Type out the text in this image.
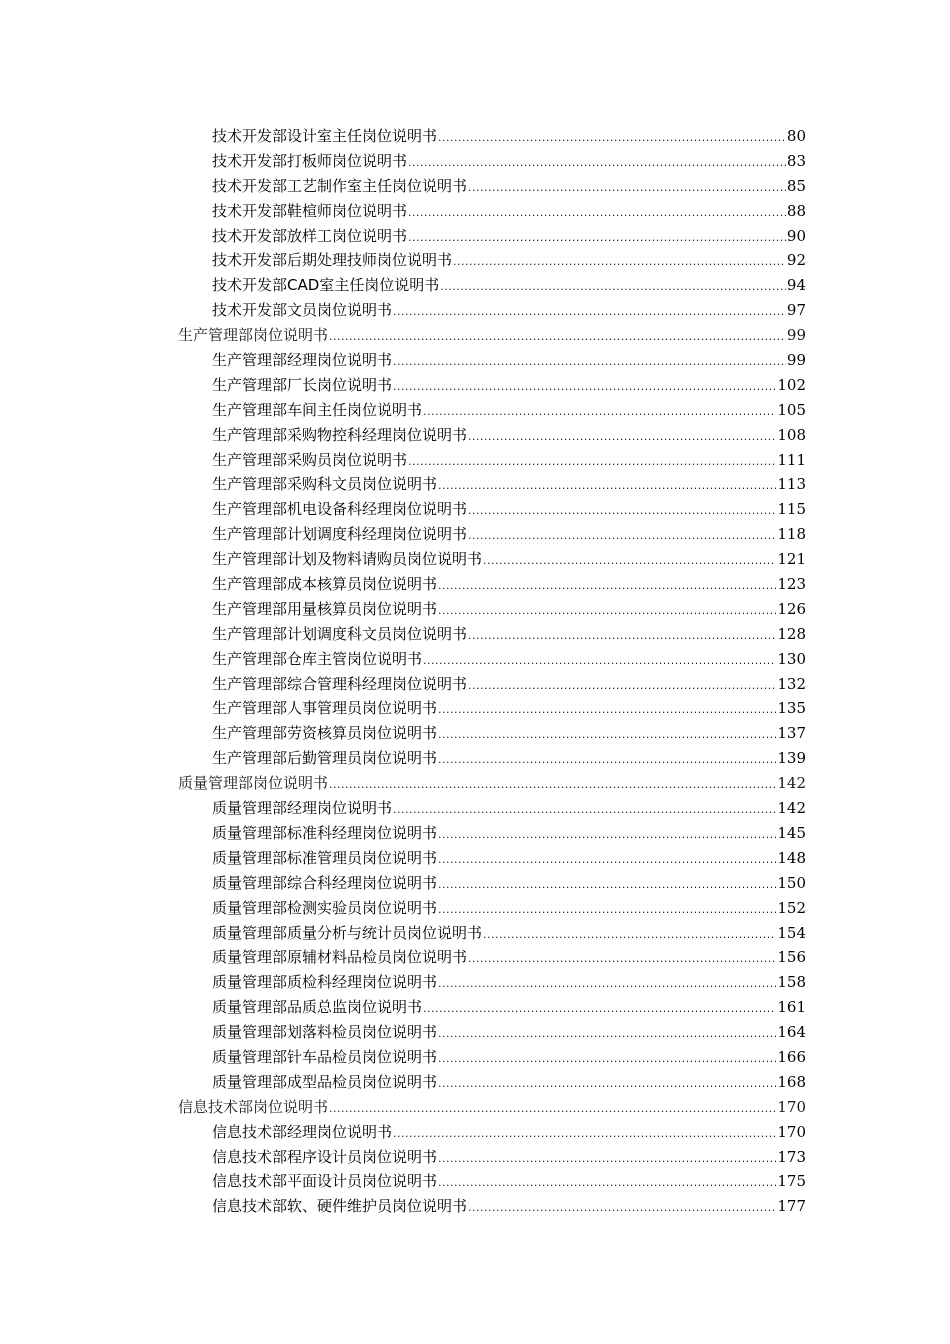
技术开发部设计室主任岗位说明书 .....	80
技术开发部打板师岗位说明书 .....	83
技术开发部工艺制作室主任岗位说明书 .....	85
技术开发部鞋楦师岗位说明书 .....	88
技术开发部放样工岗位说明书 .....	90
技术开发部后期处理技师岗位说明书 .....	92
技术开发部CAD室主任岗位说明书 .....	94
技术开发部文员岗位说明书 .....	97
生产管理部岗位说明书 .....	99
生产管理部经理岗位说明书 .....	99
生产管理部厂长岗位说明书 .....	102
生产管理部车间主任岗位说明书 .....	105
生产管理部采购物控科经理岗位说明书 .....	108
生产管理部采购员岗位说明书 .....	111
生产管理部采购科文员岗位说明书 .....	113
生产管理部机电设备科经理岗位说明书 .....	115
生产管理部计划调度科经理岗位说明书 .....	118
生产管理部计划及物料请购员岗位说明书 .....	121
生产管理部成本核算员岗位说明书 .....	123
生产管理部用量核算员岗位说明书 .....	126
生产管理部计划调度科文员岗位说明书 .....	128
生产管理部仓库主管岗位说明书 .....	130
生产管理部综合管理科经理岗位说明书 .....	132
生产管理部人事管理员岗位说明书 .....	135
生产管理部劳资核算员岗位说明书 .....	137
生产管理部后勤管理员岗位说明书 .....	139
质量管理部岗位说明书 .....	142
质量管理部经理岗位说明书 .....	142
质量管理部标准科经理岗位说明书 .....	145
质量管理部标准管理员岗位说明书 .....	148
质量管理部综合科经理岗位说明书 .....	150
质量管理部检测实验员岗位说明书 .....	152
质量管理部质量分析与统计员岗位说明书 .....	154
质量管理部原辅材料品检员岗位说明书 .....	156
质量管理部质检科经理岗位说明书 .....	158
质量管理部品质总监岗位说明书 .....	161
质量管理部划落料检员岗位说明书 .....	164
质量管理部针车品检员岗位说明书 .....	166
质量管理部成型品检员岗位说明书 .....	168
信息技术部岗位说明书 .....	170
信息技术部经理岗位说明书 .....	170
信息技术部程序设计员岗位说明书 .....	173
信息技术部平面设计员岗位说明书 .....	175
信息技术部软、硬件维护员岗位说明书 .....	177
